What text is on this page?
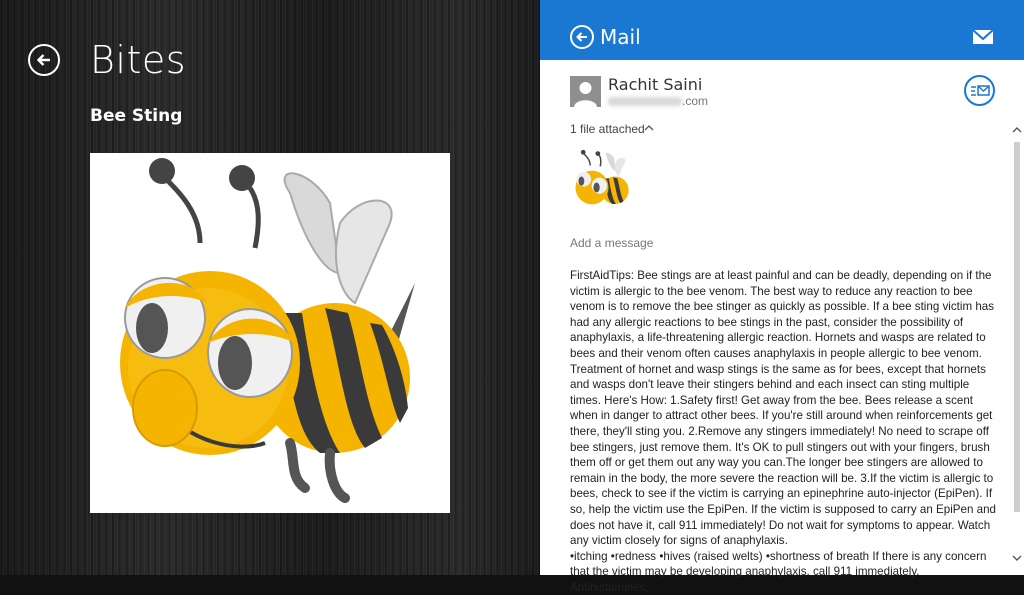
Bites
Bee Sting
Mail
Rachit Saini
.com
1 file attached
Add a message
FirstAidTips: Bee stings are at least painful and can be deadly, depending on if the victim is allergic to the bee venom. The best way to reduce any reaction to bee venom is to remove the bee stinger as quickly as possible. If a bee sting victim has had any allergic reactions to bee stings in the past, consider the possibility of anaphylaxis, a life-threatening allergic reaction. Hornets and wasps are related to bees and their venom often causes anaphylaxis in people allergic to bee venom. Treatment of hornet and wasp stings is the same as for bees, except that hornets and wasps don't leave their stingers behind and each insect can sting multiple times. Here's How: 1.Safety first! Get away from the bee. Bees release a scent when in danger to attract other bees. If you're still around when reinforcements get there, they'll sting you. 2.Remove any stingers immediately! No need to scrape off bee stingers, just remove them. It's OK to pull stingers out with your fingers, brush them off or get them out any way you can.The longer bee stingers are allowed to remain in the body, the more severe the reaction will be. 3.If the victim is allergic to bees, check to see if the victim is carrying an epinephrine auto-injector (EpiPen). If so, help the victim use the EpiPen. If the victim is supposed to carry an EpiPen and does not have it, call 911 immediately! Do not wait for symptoms to appear. Watch any victim closely for signs of anaphylaxis.
•itching •redness •hives (raised welts) •shortness of breath If there is any concern that the victim may be developing anaphylaxis, call 911 immediately. Antihistamines,
